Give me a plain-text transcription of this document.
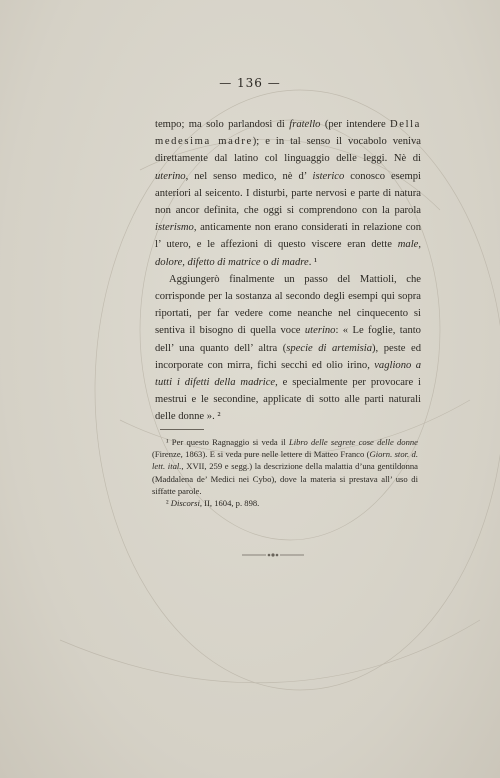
— 136 —

tempo; ma solo parlandosi di fratello (per intendere Della medesima madre); e in tal senso il vocabolo veniva direttamente dal latino col linguaggio delle leggi. Nè di uterino, nel senso medico, nè d’ isterico conosco esempi anteriori al seicento. I disturbi, parte nervosi e parte di natura non ancor definita, che oggi si comprendono con la parola isterismo, anticamente non erano considerati in relazione con l’ utero, e le affezioni di questo viscere eran dette male, dolore, difetto di matrice o di madre. ¹

Aggiungerò finalmente un passo del Mattioli, che corrisponde per la sostanza al secondo degli esempi qui sopra riportati, per far vedere come neanche nel cinquecento si sentiva il bisogno di quella voce uterino: « Le foglie, tanto dell’ una quanto dell’ altra (specie di artemisia), peste ed incorporate con mirra, fichi secchi ed olio irino, vagliono a tutti i difetti della madrice, e specialmente per provocare i mestrui e le secondine, applicate di sotto alle parti naturali delle donne ». ²

¹ Per questo Ragnaggio si veda il Libro delle segrete cose delle donne (Firenze, 1863). E si veda pure nelle lettere di Matteo Franco (Giorn. stor. d. lett. ital., XVII, 259 e segg.) la descrizione della malattia d’una gentildonna (Maddalena de’ Medici nei Cybo), dove la materia si prestava all’ uso di siffatte parole.

² Discorsi, II, 1604, p. 898.
